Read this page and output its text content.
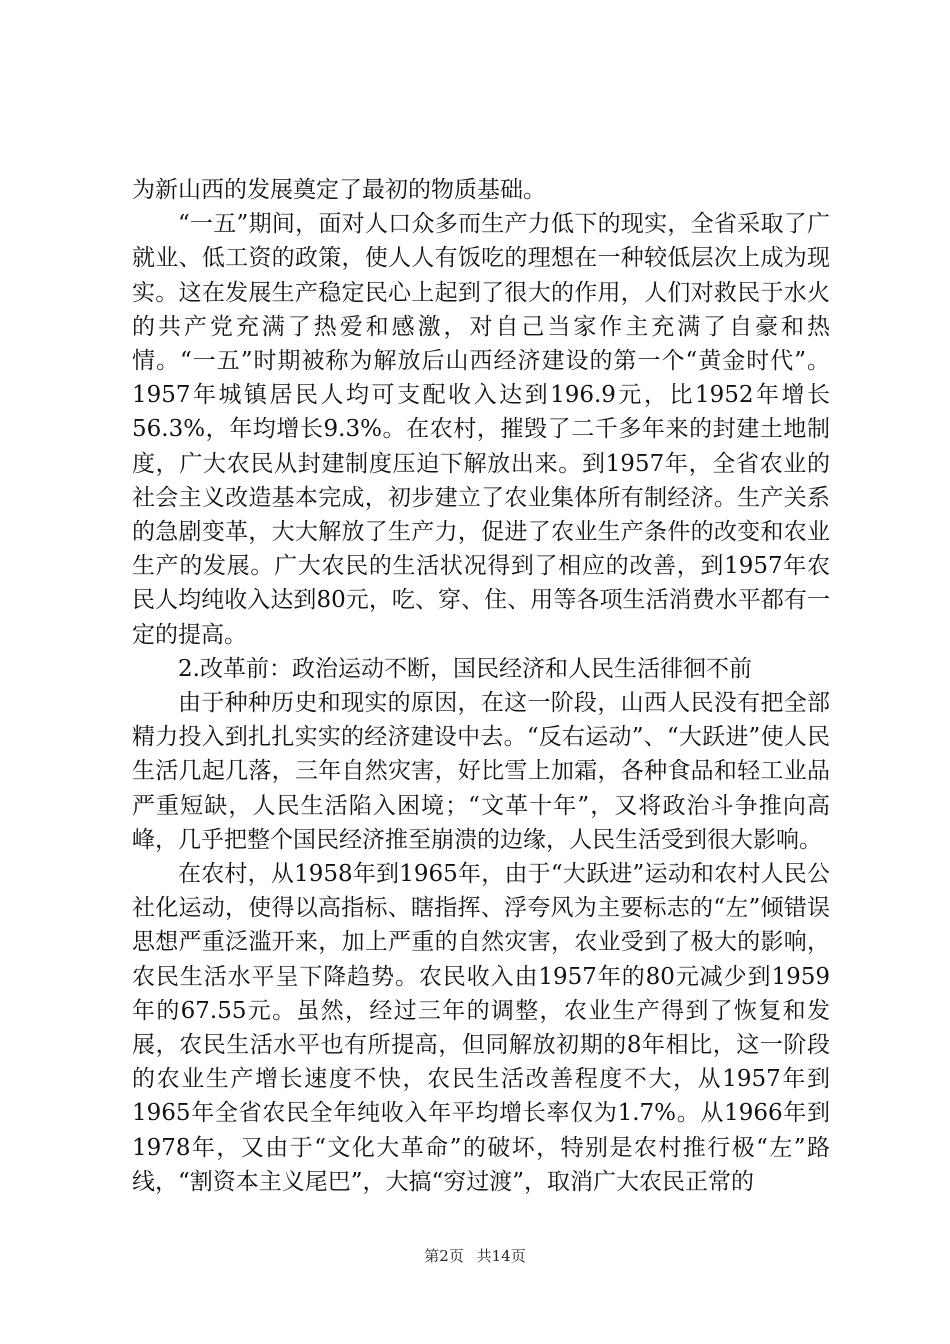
为新山西的发展奠定了最初的物质基础。

“一五”期间，面对人口众多而生产力低下的现实，全省采取了广就业、低工资的政策，使人人有饭吃的理想在一种较低层次上成为现实。这在发展生产稳定民心上起到了很大的作用，人们对救民于水火的共产党充满了热爱和感激，对自己当家作主充满了自豪和热情。“一五”时期被称为解放后山西经济建设的第一个“黄金时代”。1957年城镇居民人均可支配收入达到196.9元，比1952年增长56.3%，年均增长9.3%。在农村，摧毁了二千多年来的封建土地制度，广大农民从封建制度压迫下解放出来。到1957年，全省农业的社会主义改造基本完成，初步建立了农业集体所有制经济。生产关系的急剧变革，大大解放了生产力，促进了农业生产条件的改变和农业生产的发展。广大农民的生活状况得到了相应的改善，到1957年农民人均纯收入达到80元，吃、穿、住、用等各项生活消费水平都有一定的提高。

2.改革前：政治运动不断，国民经济和人民生活徘徊不前

由于种种历史和现实的原因，在这一阶段，山西人民没有把全部精力投入到扎扎实实的经济建设中去。“反右运动”、“大跃进”使人民生活几起几落，三年自然灾害，好比雪上加霜，各种食品和轻工业品严重短缺，人民生活陷入困境；“文革十年”，又将政治斗争推向高峰，几乎把整个国民经济推至崩溃的边缘，人民生活受到很大影响。

在农村，从1958年到1965年，由于“大跃进”运动和农村人民公社化运动，使得以高指标、瞎指挥、浮夸风为主要标志的“左”倾错误思想严重泛滥开来，加上严重的自然灾害，农业受到了极大的影响，农民生活水平呈下降趋势。农民收入由1957年的80元减少到1959年的67.55元。虽然，经过三年的调整，农业生产得到了恢复和发展，农民生活水平也有所提高，但同解放初期的8年相比，这一阶段的农业生产增长速度不快，农民生活改善程度不大，从1957年到1965年全省农民全年纯收入年平均增长率仅为1.7%。从1966年到1978年，又由于“文化大革命”的破坏，特别是农村推行极“左”路线，“割资本主义尾巴”，大搞“穷过渡”，取消广大农民正常的

第2页 共14页
